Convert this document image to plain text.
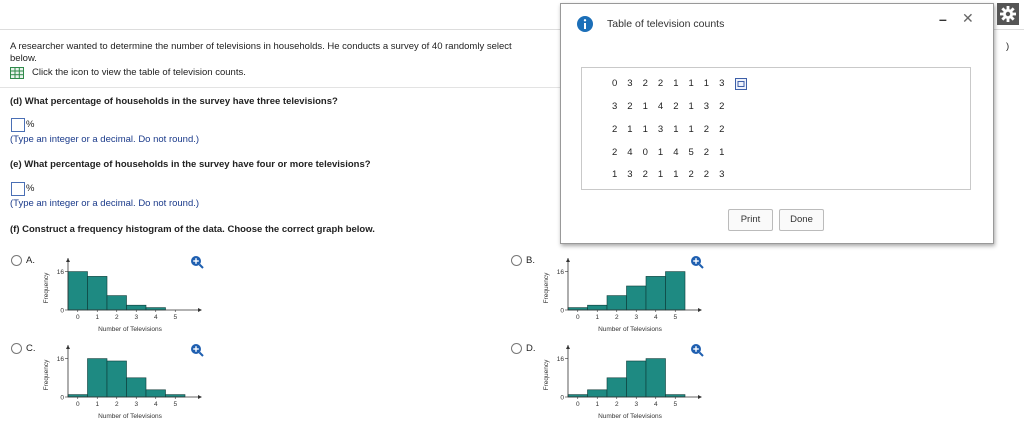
A researcher wanted to determine the number of televisions in households. He conducts a survey of 40 randomly select
below.
)
Click the icon to view the table of television counts.
(d) What percentage of households in the survey have three televisions?
%
(Type an integer or a decimal. Do not round.)
(e) What percentage of households in the survey have four or more televisions?
%
(Type an integer or a decimal. Do not round.)
(f) Construct a frequency histogram of the data. Choose the correct graph below.
A.	B.
C.	D.
0
16
0 1 2 3 4 5
Number of Televisions
Frequency
0
16
0 1 2 3 4 5
Number of Televisions
Frequency
0
16
0 1 2 3 4 5
Number of Televisions
Frequency
0
16
0 1 2 3 4 5
Number of Televisions
Frequency
Table of television counts	– ✕
0 3 2 2 1 1 1 3
3 2 1 4 2 1 3 2
2 1 1 3 1 1 2 2
2 4 0 1 4 5 2 1
1 3 2 1 1 2 2 3
Print	Done
